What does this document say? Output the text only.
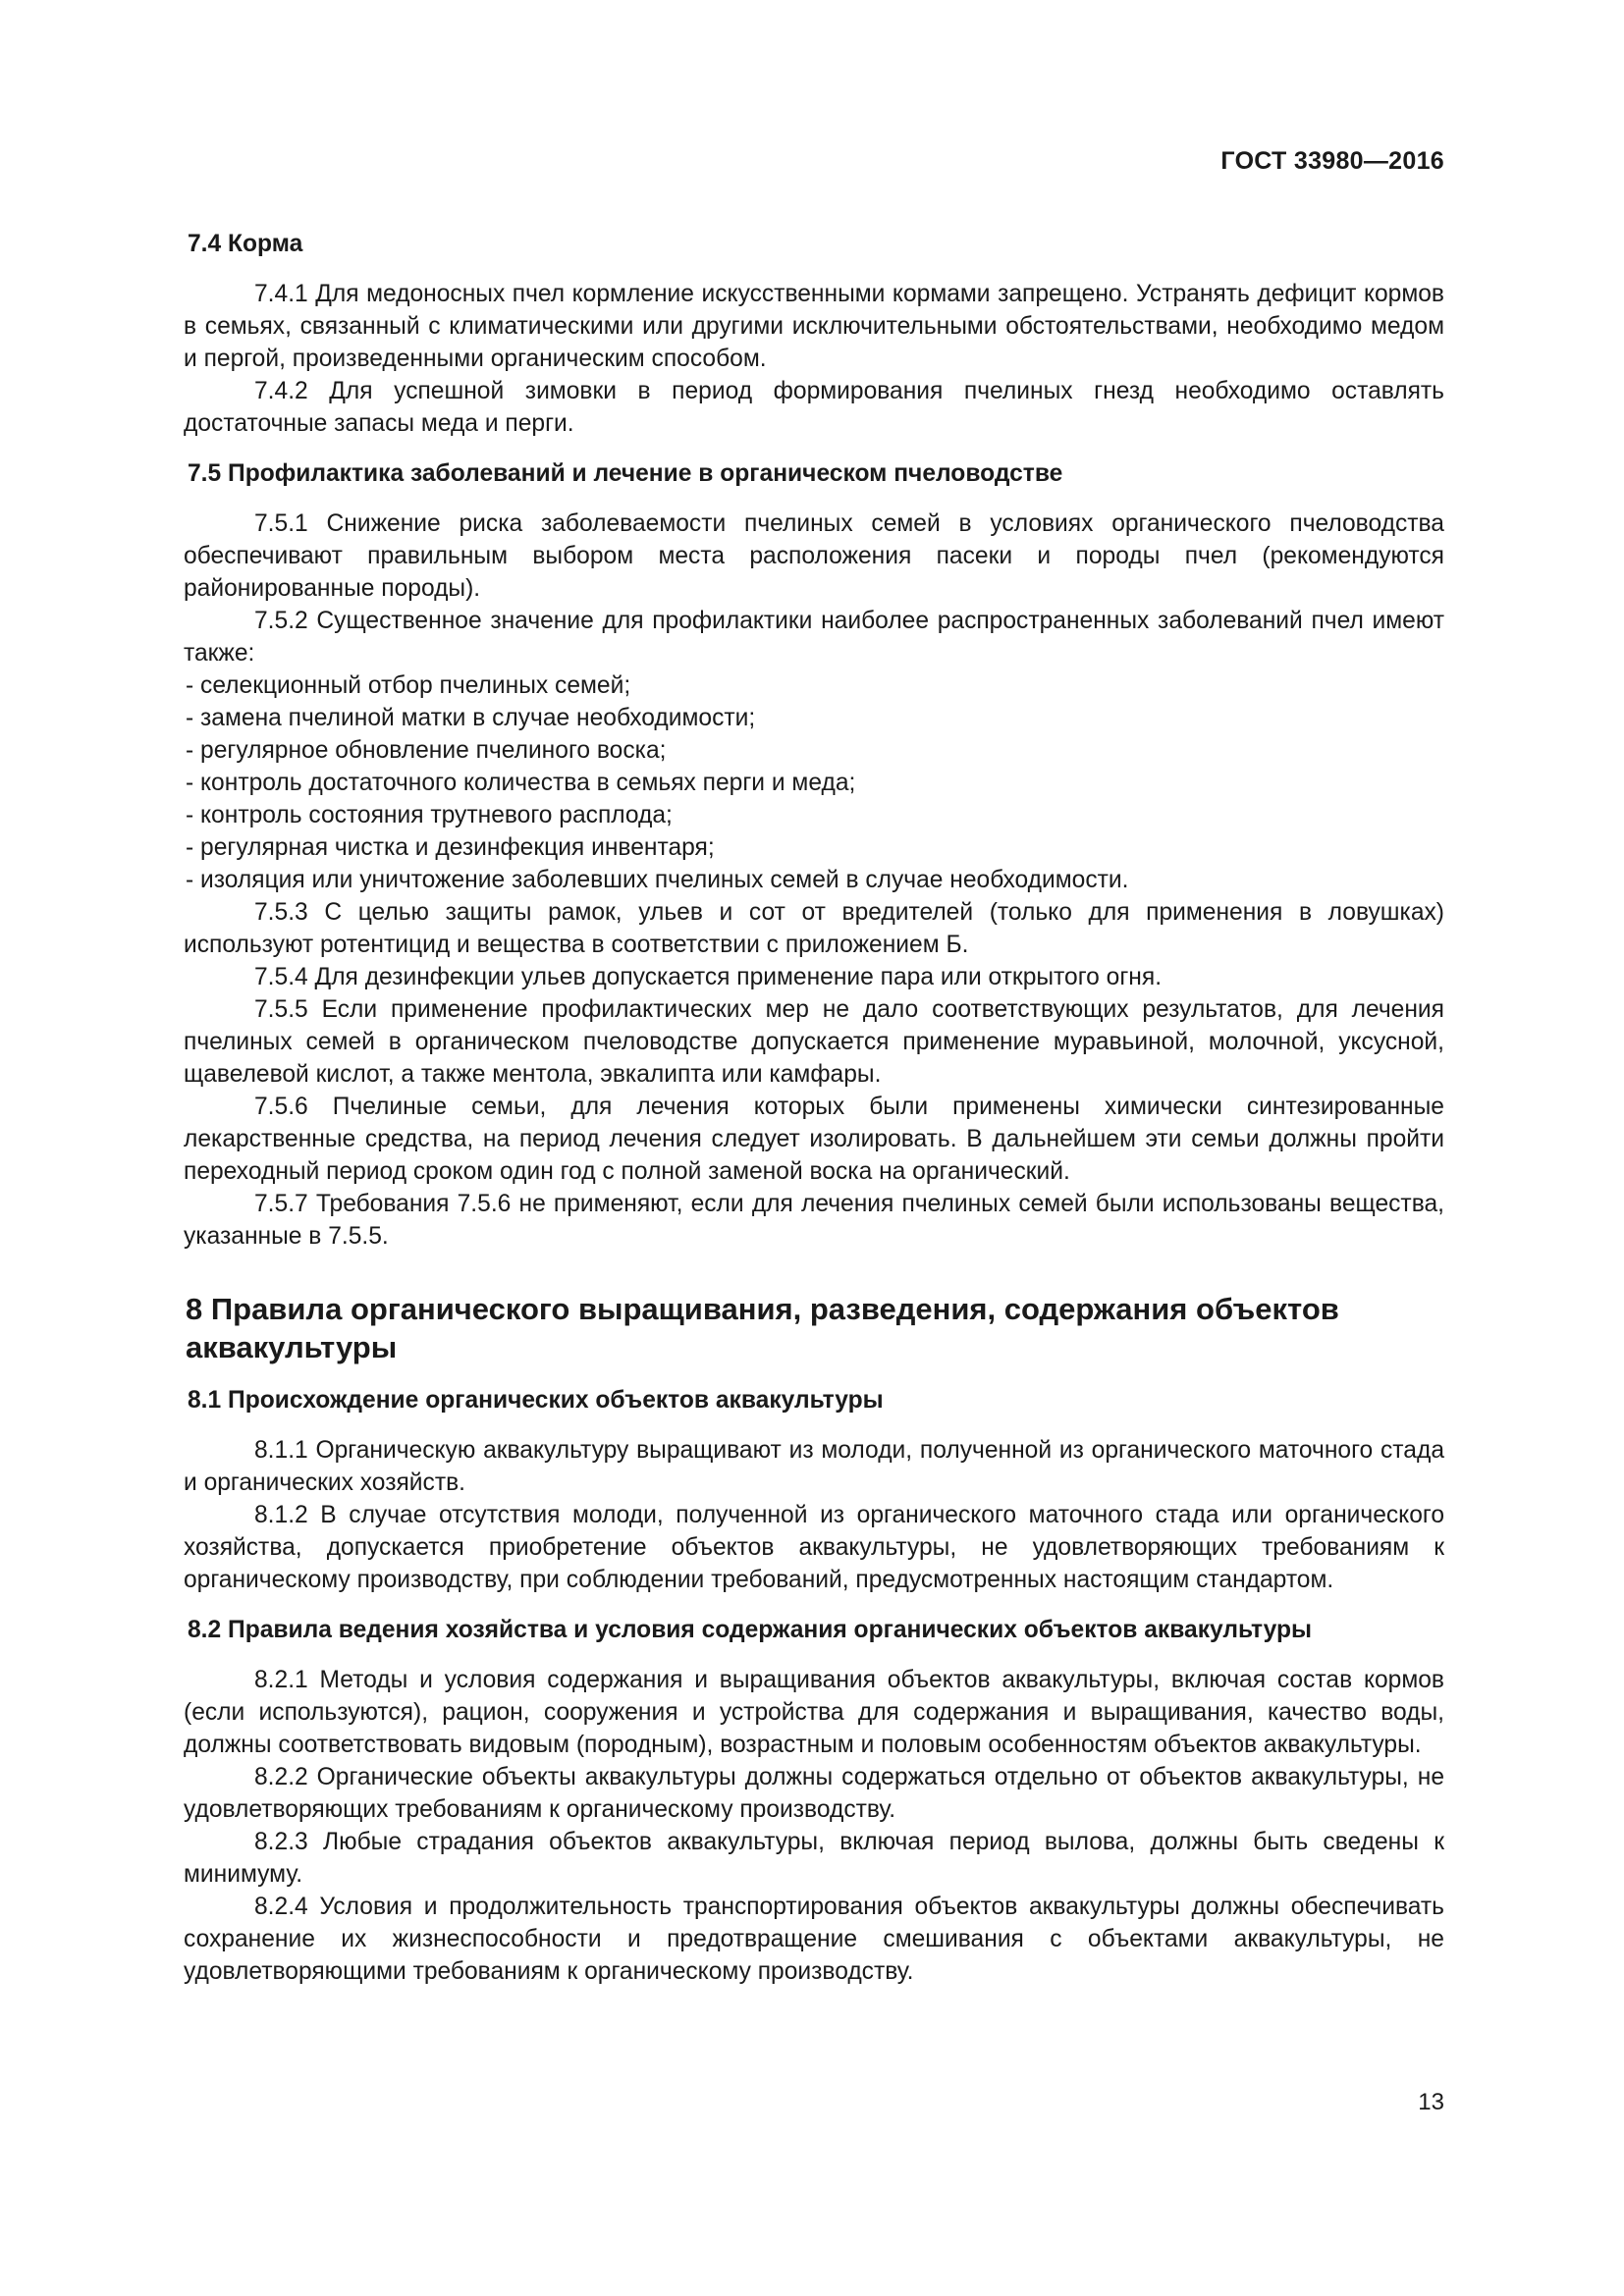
ГОСТ 33980—2016

7.4 Корма

7.4.1 Для медоносных пчел кормление искусственными кормами запрещено. Устранять дефицит кормов в семьях, связанный с климатическими или другими исключительными обстоятельствами, необходимо медом и пергой, произведенными органическим способом.

7.4.2 Для успешной зимовки в период формирования пчелиных гнезд необходимо оставлять достаточные запасы меда и перги.

7.5 Профилактика заболеваний и лечение в органическом пчеловодстве

7.5.1 Снижение риска заболеваемости пчелиных семей в условиях органического пчеловодства обеспечивают правильным выбором места расположения пасеки и породы пчел (рекомендуются районированные породы).

7.5.2 Существенное значение для профилактики наиболее распространенных заболеваний пчел имеют также:

- селекционный отбор пчелиных семей;

- замена пчелиной матки в случае необходимости;

- регулярное обновление пчелиного воска;

- контроль достаточного количества в семьях перги и меда;

- контроль состояния трутневого расплода;

- регулярная чистка и дезинфекция инвентаря;

- изоляция или уничтожение заболевших пчелиных семей в случае необходимости.

7.5.3 С целью защиты рамок, ульев и сот от вредителей (только для применения в ловушках) используют ротентицид и вещества в соответствии с приложением Б.

7.5.4 Для дезинфекции ульев допускается применение пара или открытого огня.

7.5.5 Если применение профилактических мер не дало соответствующих результатов, для лечения пчелиных семей в органическом пчеловодстве допускается применение муравьиной, молочной, уксусной, щавелевой кислот, а также ментола, эвкалипта или камфары.

7.5.6 Пчелиные семьи, для лечения которых были применены химически синтезированные лекарственные средства, на период лечения следует изолировать. В дальнейшем эти семьи должны пройти переходный период сроком один год с полной заменой воска на органический.

7.5.7 Требования 7.5.6 не применяют, если для лечения пчелиных семей были использованы вещества, указанные в 7.5.5.

8 Правила органического выращивания, разведения, содержания объектов аквакультуры

8.1 Происхождение органических объектов аквакультуры

8.1.1 Органическую аквакультуру выращивают из молоди, полученной из органического маточного стада и органических хозяйств.

8.1.2 В случае отсутствия молоди, полученной из органического маточного стада или органического хозяйства, допускается приобретение объектов аквакультуры, не удовлетворяющих требованиям к органическому производству, при соблюдении требований, предусмотренных настоящим стандартом.

8.2 Правила ведения хозяйства и условия содержания органических объектов аквакультуры

8.2.1 Методы и условия содержания и выращивания объектов аквакультуры, включая состав кормов (если используются), рацион, сооружения и устройства для содержания и выращивания, качество воды, должны соответствовать видовым (породным), возрастным и половым особенностям объектов аквакультуры.

8.2.2 Органические объекты аквакультуры должны содержаться отдельно от объектов аквакультуры, не удовлетворяющих требованиям к органическому производству.

8.2.3 Любые страдания объектов аквакультуры, включая период вылова, должны быть сведены к минимуму.

8.2.4 Условия и продолжительность транспортирования объектов аквакультуры должны обеспечивать сохранение их жизнеспособности и предотвращение смешивания с объектами аквакультуры, не удовлетворяющими требованиям к органическому производству.

13
